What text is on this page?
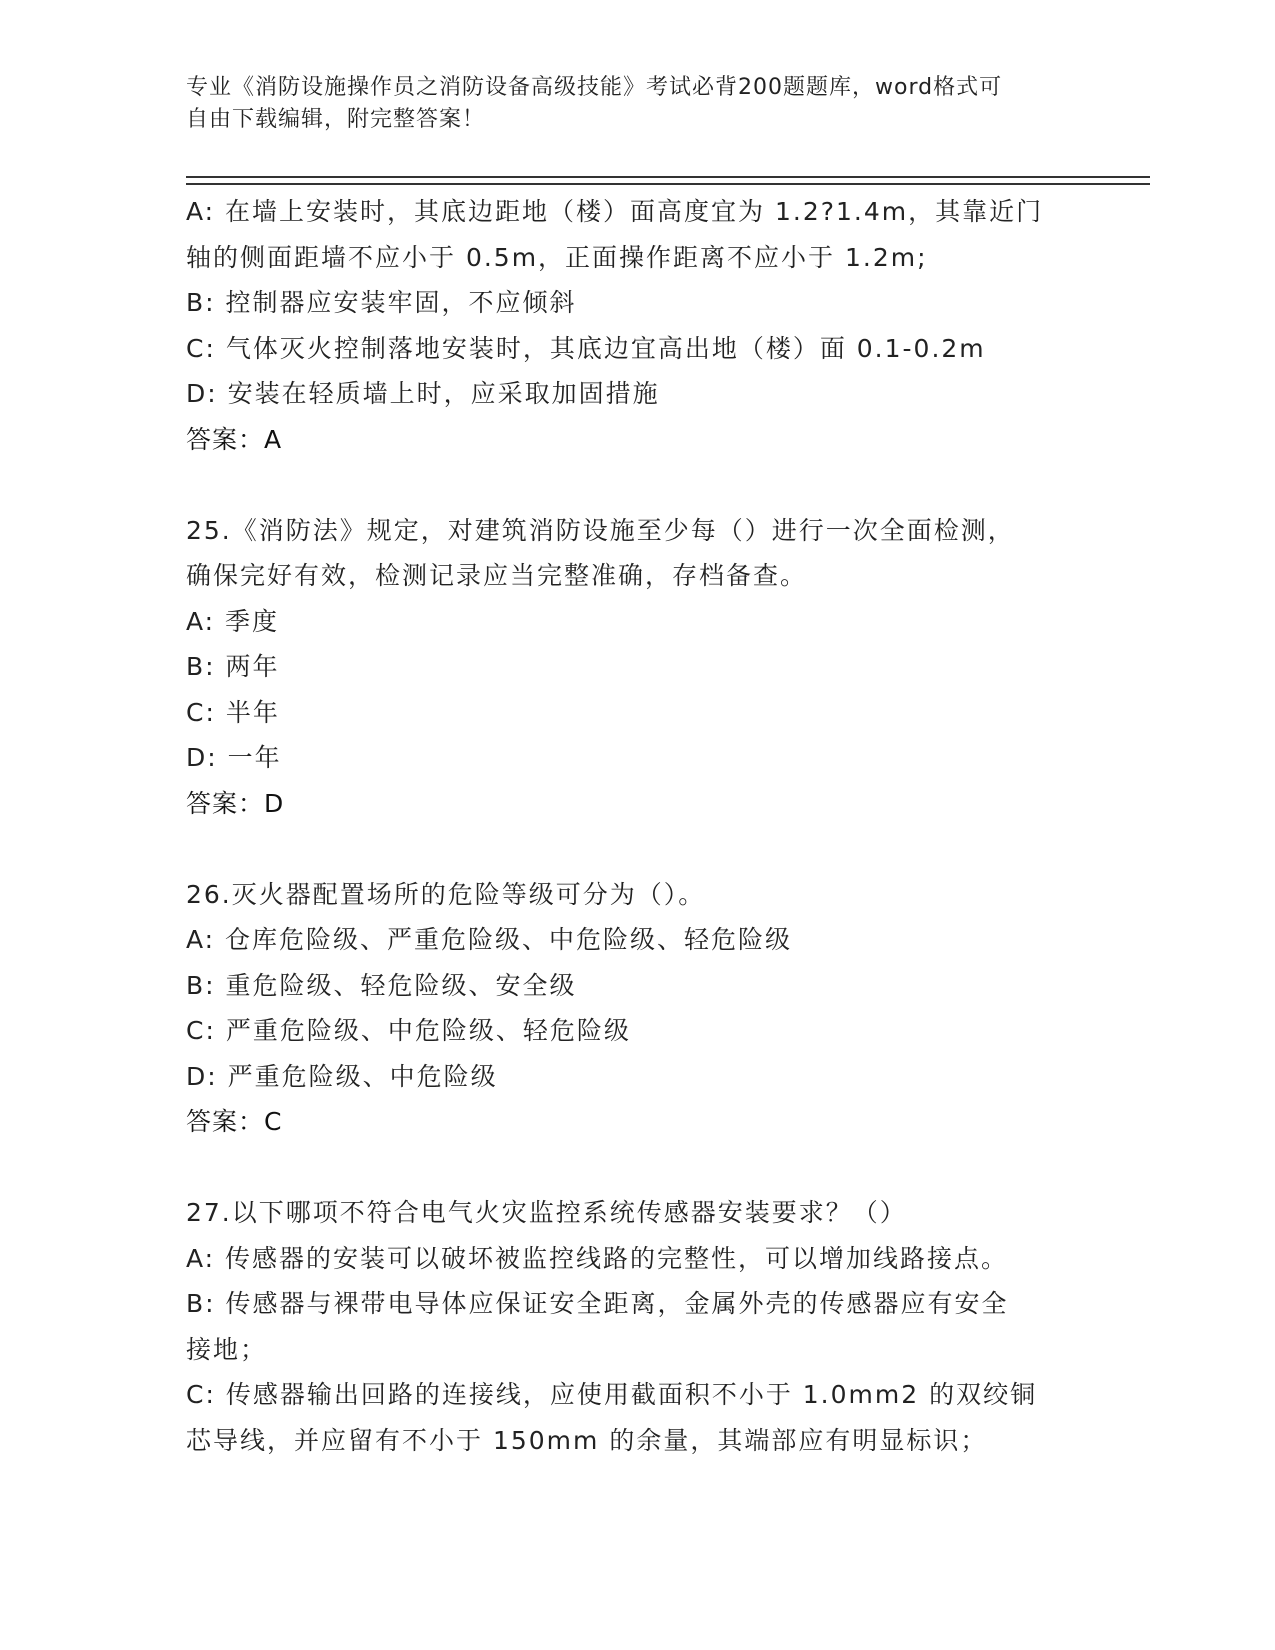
专业《消防设施操作员之消防设备高级技能》考试必背200题题库，word格式可
自由下载编辑，附完整答案！
A: 在墙上安装时，其底边距地（楼）面高度宜为 1.2?1.4m，其靠近门
轴的侧面距墙不应小于 0.5m，正面操作距离不应小于 1.2m;
B: 控制器应安装牢固，不应倾斜
C: 气体灭火控制落地安装时，其底边宜高出地（楼）面 0.1-0.2m
D: 安装在轻质墙上时，应采取加固措施
答案：A
25.《消防法》规定，对建筑消防设施至少每（）进行一次全面检测，
确保完好有效，检测记录应当完整准确，存档备查。
A: 季度
B: 两年
C: 半年
D: 一年
答案：D
26.灭火器配置场所的危险等级可分为（）。
A: 仓库危险级、严重危险级、中危险级、轻危险级
B: 重危险级、轻危险级、安全级
C: 严重危险级、中危险级、轻危险级
D: 严重危险级、中危险级
答案：C
27.以下哪项不符合电气火灾监控系统传感器安装要求？（）
A: 传感器的安装可以破坏被监控线路的完整性，可以增加线路接点。
B: 传感器与裸带电导体应保证安全距离，金属外壳的传感器应有安全
接地；
C: 传感器输出回路的连接线，应使用截面积不小于 1.0mm2 的双绞铜
芯导线，并应留有不小于 150mm 的余量，其端部应有明显标识；
